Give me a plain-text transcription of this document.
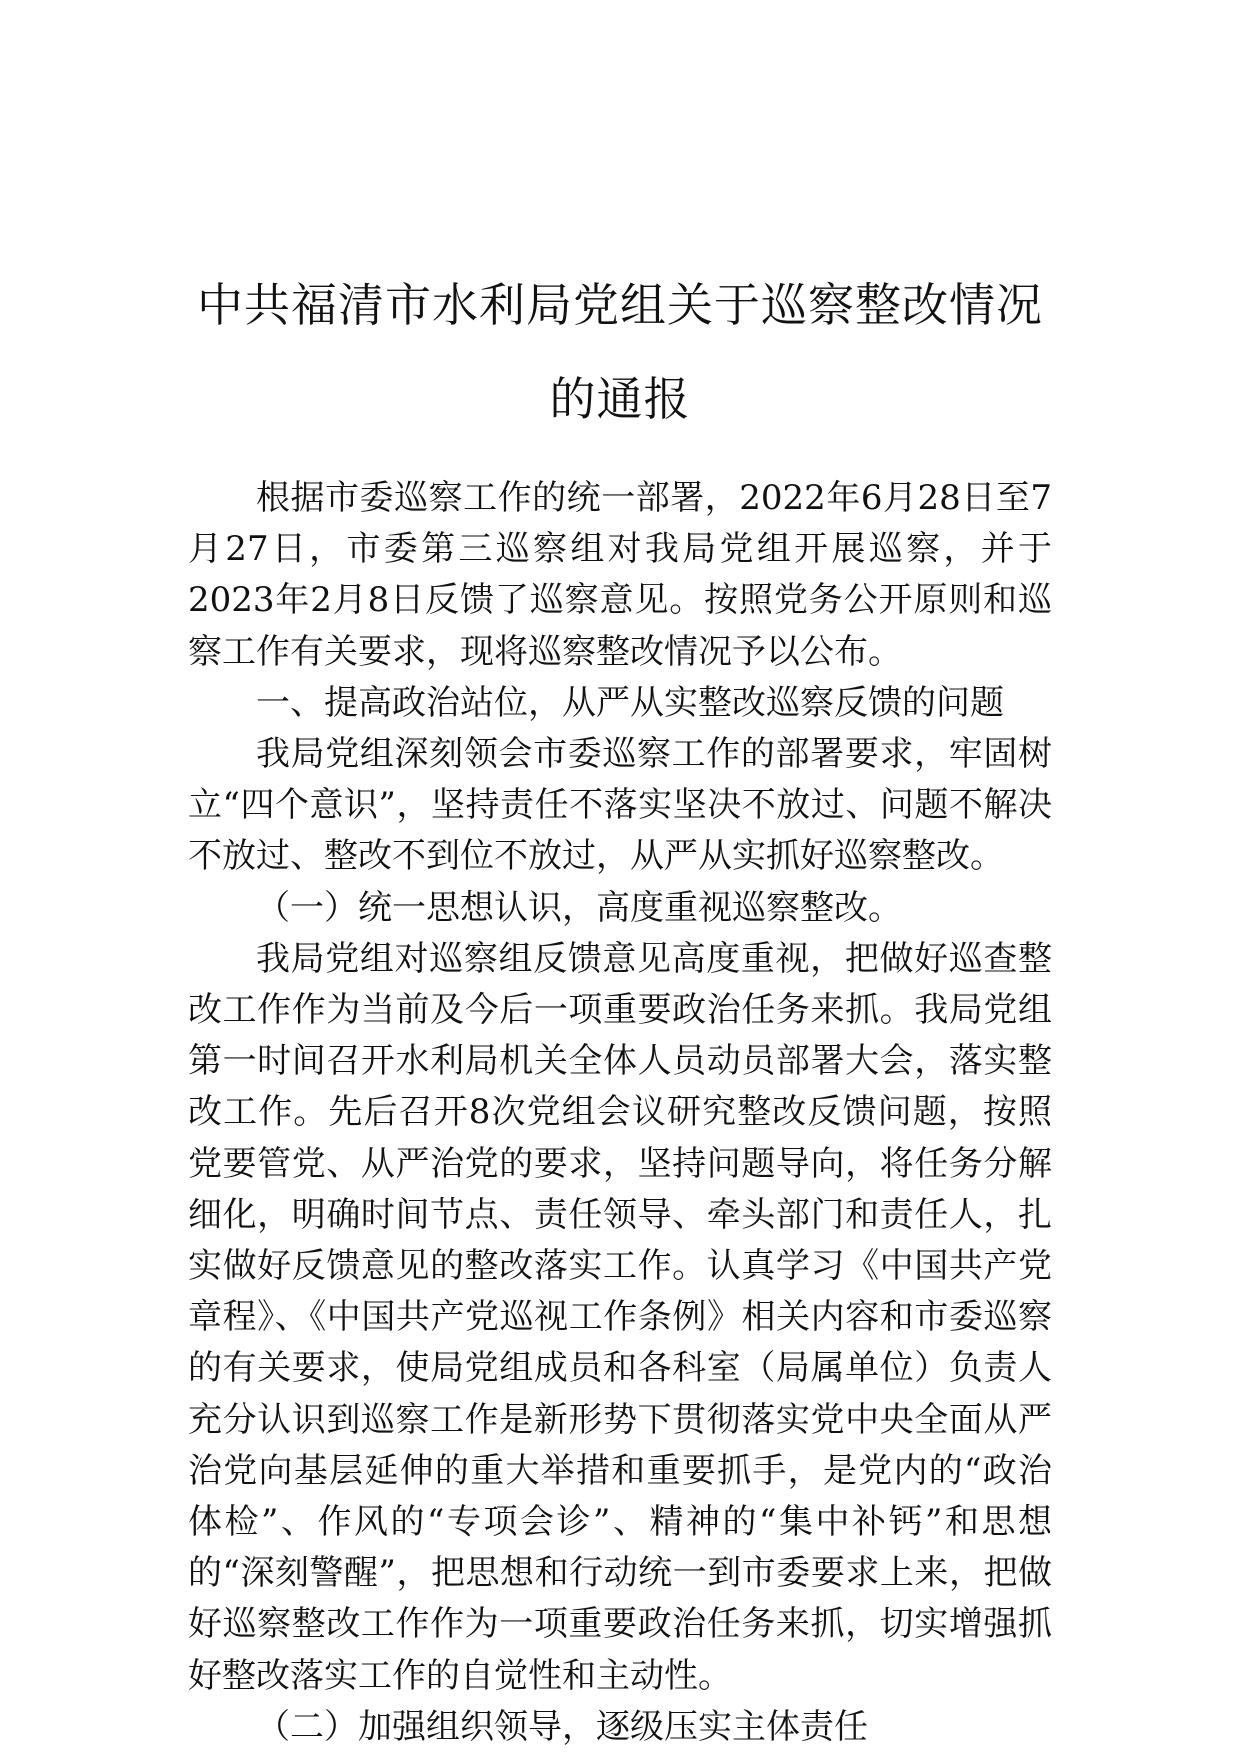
中共福清市水利局党组关于巡察整改情况
的通报

根据市委巡察工作的统一部署，2022年6月28日至7月27日，市委第三巡察组对我局党组开展巡察，并于2023年2月8日反馈了巡察意见。按照党务公开原则和巡察工作有关要求，现将巡察整改情况予以公布。

一、提高政治站位，从严从实整改巡察反馈的问题

我局党组深刻领会市委巡察工作的部署要求，牢固树立“四个意识”，坚持责任不落实坚决不放过、问题不解决不放过、整改不到位不放过，从严从实抓好巡察整改。

（一）统一思想认识，高度重视巡察整改。

我局党组对巡察组反馈意见高度重视，把做好巡查整改工作作为当前及今后一项重要政治任务来抓。我局党组第一时间召开水利局机关全体人员动员部署大会，落实整改工作。先后召开8次党组会议研究整改反馈问题，按照党要管党、从严治党的要求，坚持问题导向，将任务分解细化，明确时间节点、责任领导、牵头部门和责任人，扎实做好反馈意见的整改落实工作。认真学习《中国共产党章程》、《中国共产党巡视工作条例》相关内容和市委巡察的有关要求，使局党组成员和各科室（局属单位）负责人充分认识到巡察工作是新形势下贯彻落实党中央全面从严治党向基层延伸的重大举措和重要抓手，是党内的“政治体检”、作风的“专项会诊”、精神的“集中补钙”和思想的“深刻警醒”，把思想和行动统一到市委要求上来，把做好巡察整改工作作为一项重要政治任务来抓，切实增强抓好整改落实工作的自觉性和主动性。

（二）加强组织领导，逐级压实主体责任
